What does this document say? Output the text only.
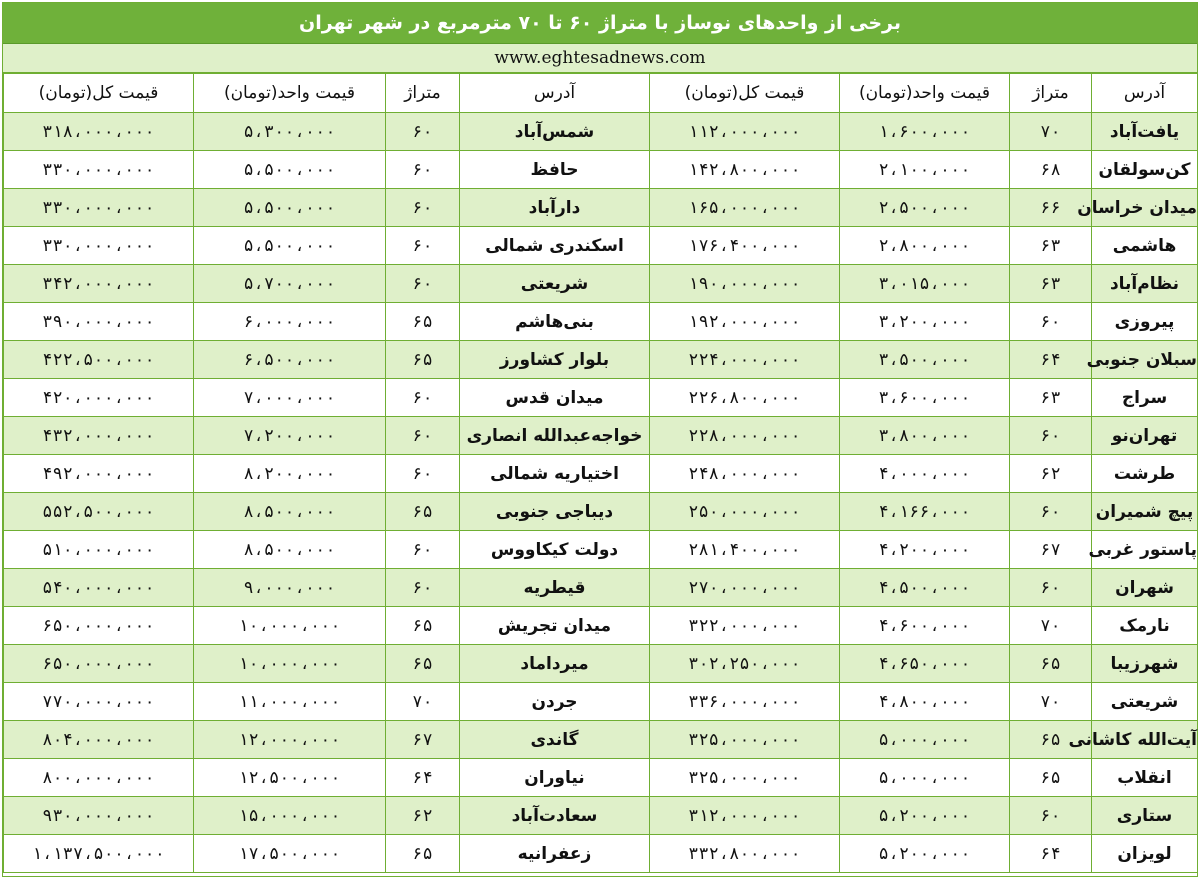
برخی از واحدهای نوساز با متراژ ۶۰ تا ۷۰ مترمربع در شهر تهران
www.eghtesadnews.com
آدرس	متراژ	قیمت واحد(تومان)	قیمت کل(تومان)	آدرس	متراژ	قیمت واحد(تومان)	قیمت کل(تومان)
یافت‌آباد	۷۰	۱،۶۰۰،۰۰۰	۱۱۲،۰۰۰،۰۰۰	شمس‌آباد	۶۰	۵،۳۰۰،۰۰۰	۳۱۸،۰۰۰،۰۰۰
کن‌سولقان	۶۸	۲،۱۰۰،۰۰۰	۱۴۲،۸۰۰،۰۰۰	حافظ	۶۰	۵،۵۰۰،۰۰۰	۳۳۰،۰۰۰،۰۰۰
میدان خراسان	۶۶	۲،۵۰۰،۰۰۰	۱۶۵،۰۰۰،۰۰۰	دارآباد	۶۰	۵،۵۰۰،۰۰۰	۳۳۰،۰۰۰،۰۰۰
هاشمی	۶۳	۲،۸۰۰،۰۰۰	۱۷۶،۴۰۰،۰۰۰	اسکندری شمالی	۶۰	۵،۵۰۰،۰۰۰	۳۳۰،۰۰۰،۰۰۰
نظام‌آباد	۶۳	۳،۰۱۵،۰۰۰	۱۹۰،۰۰۰،۰۰۰	شریعتی	۶۰	۵،۷۰۰،۰۰۰	۳۴۲،۰۰۰،۰۰۰
پیروزی	۶۰	۳،۲۰۰،۰۰۰	۱۹۲،۰۰۰،۰۰۰	بنی‌هاشم	۶۵	۶،۰۰۰،۰۰۰	۳۹۰،۰۰۰،۰۰۰
سبلان جنوبی	۶۴	۳،۵۰۰،۰۰۰	۲۲۴،۰۰۰،۰۰۰	بلوار کشاورز	۶۵	۶،۵۰۰،۰۰۰	۴۲۲،۵۰۰،۰۰۰
سراج	۶۳	۳،۶۰۰،۰۰۰	۲۲۶،۸۰۰،۰۰۰	میدان قدس	۶۰	۷،۰۰۰،۰۰۰	۴۲۰،۰۰۰،۰۰۰
تهران‌نو	۶۰	۳،۸۰۰،۰۰۰	۲۲۸،۰۰۰،۰۰۰	خواجه‌عبدالله انصاری	۶۰	۷،۲۰۰،۰۰۰	۴۳۲،۰۰۰،۰۰۰
طرشت	۶۲	۴،۰۰۰،۰۰۰	۲۴۸،۰۰۰،۰۰۰	اختیاریه شمالی	۶۰	۸،۲۰۰،۰۰۰	۴۹۲،۰۰۰،۰۰۰
پیچ شمیران	۶۰	۴،۱۶۶،۰۰۰	۲۵۰،۰۰۰،۰۰۰	دیباجی جنوبی	۶۵	۸،۵۰۰،۰۰۰	۵۵۲،۵۰۰،۰۰۰
پاستور غربی	۶۷	۴،۲۰۰،۰۰۰	۲۸۱،۴۰۰،۰۰۰	دولت کیکاووس	۶۰	۸،۵۰۰،۰۰۰	۵۱۰،۰۰۰،۰۰۰
شهران	۶۰	۴،۵۰۰،۰۰۰	۲۷۰،۰۰۰،۰۰۰	قیطریه	۶۰	۹،۰۰۰،۰۰۰	۵۴۰،۰۰۰،۰۰۰
نارمک	۷۰	۴،۶۰۰،۰۰۰	۳۲۲،۰۰۰،۰۰۰	میدان تجریش	۶۵	۱۰،۰۰۰،۰۰۰	۶۵۰،۰۰۰،۰۰۰
شهرزیبا	۶۵	۴،۶۵۰،۰۰۰	۳۰۲،۲۵۰،۰۰۰	میرداماد	۶۵	۱۰،۰۰۰،۰۰۰	۶۵۰،۰۰۰،۰۰۰
شریعتی	۷۰	۴،۸۰۰،۰۰۰	۳۳۶،۰۰۰،۰۰۰	جردن	۷۰	۱۱،۰۰۰،۰۰۰	۷۷۰،۰۰۰،۰۰۰
آیت‌الله کاشانی	۶۵	۵،۰۰۰،۰۰۰	۳۲۵،۰۰۰،۰۰۰	گاندی	۶۷	۱۲،۰۰۰،۰۰۰	۸۰۴،۰۰۰،۰۰۰
انقلاب	۶۵	۵،۰۰۰،۰۰۰	۳۲۵،۰۰۰،۰۰۰	نیاوران	۶۴	۱۲،۵۰۰،۰۰۰	۸۰۰،۰۰۰،۰۰۰
ستاری	۶۰	۵،۲۰۰،۰۰۰	۳۱۲،۰۰۰،۰۰۰	سعادت‌آباد	۶۲	۱۵،۰۰۰،۰۰۰	۹۳۰،۰۰۰،۰۰۰
لویزان	۶۴	۵،۲۰۰،۰۰۰	۳۳۲،۸۰۰،۰۰۰	زعفرانیه	۶۵	۱۷،۵۰۰،۰۰۰	۱،۱۳۷،۵۰۰،۰۰۰
